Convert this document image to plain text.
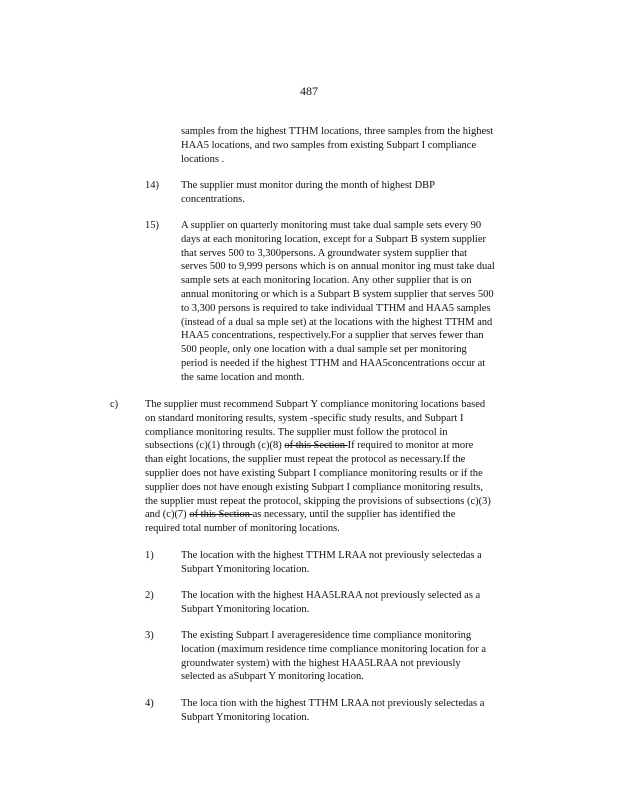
487
samples from the highest TTHM locations, three samples from the highest
HAA5 locations, and two samples from existing Subpart I compliance
locations .
14) The supplier must monitor during the month of highest DBP
concentrations.
15) A supplier on quarterly monitoring must take dual sample sets every 90
days at each monitoring location, except for a Subpart B system supplier
that serves 500 to 3,300persons. A groundwater system supplier that
serves 500 to 9,999 persons which is on annual monitor ing must take dual
sample sets at each monitoring location. Any other supplier that is on
annual monitoring or which is a Subpart B system supplier that serves 500
to 3,300 persons is required to take individual TTHM and HAA5 samples
(instead of a dual sa mple set) at the locations with the highest TTHM and
HAA5 concentrations, respectively.For a supplier that serves fewer than
500 people, only one location with a dual sample set per monitoring
period is needed if the highest TTHM and HAA5concentrations occur at
the same location and month.
c)	The supplier must recommend Subpart Y compliance monitoring locations based
on standard monitoring results, system -specific study results, and Subpart I
compliance monitoring results. The supplier must follow the protocol in
subsections (c)(1) through (c)(8) of this Section If required to monitor at more
than eight locations, the supplier must repeat the protocol as necessary.If the
supplier does not have existing Subpart I compliance monitoring results or if the
supplier does not have enough existing Subpart I compliance monitoring results,
the supplier must repeat the protocol, skipping the provisions of subsections (c)(3)
and (c)(7) of this Section as necessary, until the supplier has identified the
required total number of monitoring locations.
1)	The location with the highest TTHM LRAA not previously selectedas a
Subpart Ymonitoring location.
2)	The location with the highest HAA5LRAA not previously selected as a
Subpart Ymonitoring location.
3)	The existing Subpart I averageresidence time compliance monitoring
location (maximum residence time compliance monitoring location for a
groundwater system) with the highest HAA5LRAA not previously
selected as aSubpart Y monitoring location.
4)	The loca tion with the highest TTHM LRAA not previously selectedas a
Subpart Ymonitoring location.
